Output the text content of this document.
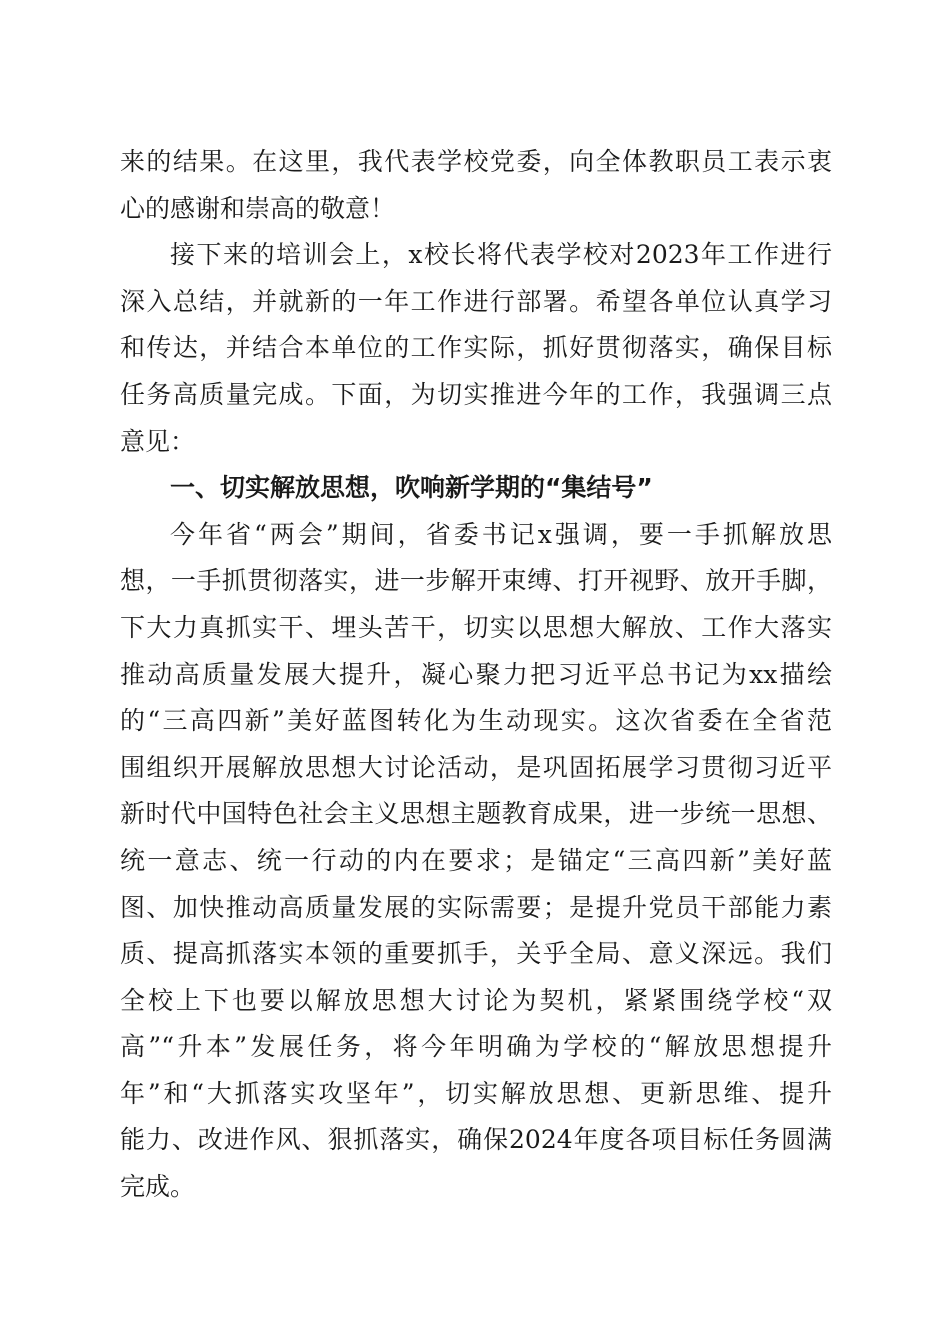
来的结果。在这里，我代表学校党委，向全体教职员工表示衷
心的感谢和崇高的敬意！
接下来的培训会上，x校长将代表学校对2023年工作进行
深入总结，并就新的一年工作进行部署。希望各单位认真学习
和传达，并结合本单位的工作实际，抓好贯彻落实，确保目标
任务高质量完成。下面，为切实推进今年的工作，我强调三点
意见：
一、切实解放思想，吹响新学期的“集结号”
今年省“两会”期间，省委书记x强调，要一手抓解放思
想，一手抓贯彻落实，进一步解开束缚、打开视野、放开手脚，
下大力真抓实干、埋头苦干，切实以思想大解放、工作大落实
推动高质量发展大提升，凝心聚力把习近平总书记为xx描绘
的“三高四新”美好蓝图转化为生动现实。这次省委在全省范
围组织开展解放思想大讨论活动，是巩固拓展学习贯彻习近平
新时代中国特色社会主义思想主题教育成果，进一步统一思想、
统一意志、统一行动的内在要求；是锚定“三高四新”美好蓝
图、加快推动高质量发展的实际需要；是提升党员干部能力素
质、提高抓落实本领的重要抓手，关乎全局、意义深远。我们
全校上下也要以解放思想大讨论为契机，紧紧围绕学校“双
高”“升本”发展任务，将今年明确为学校的“解放思想提升
年”和“大抓落实攻坚年”，切实解放思想、更新思维、提升
能力、改进作风、狠抓落实，确保2024年度各项目标任务圆满
完成。
